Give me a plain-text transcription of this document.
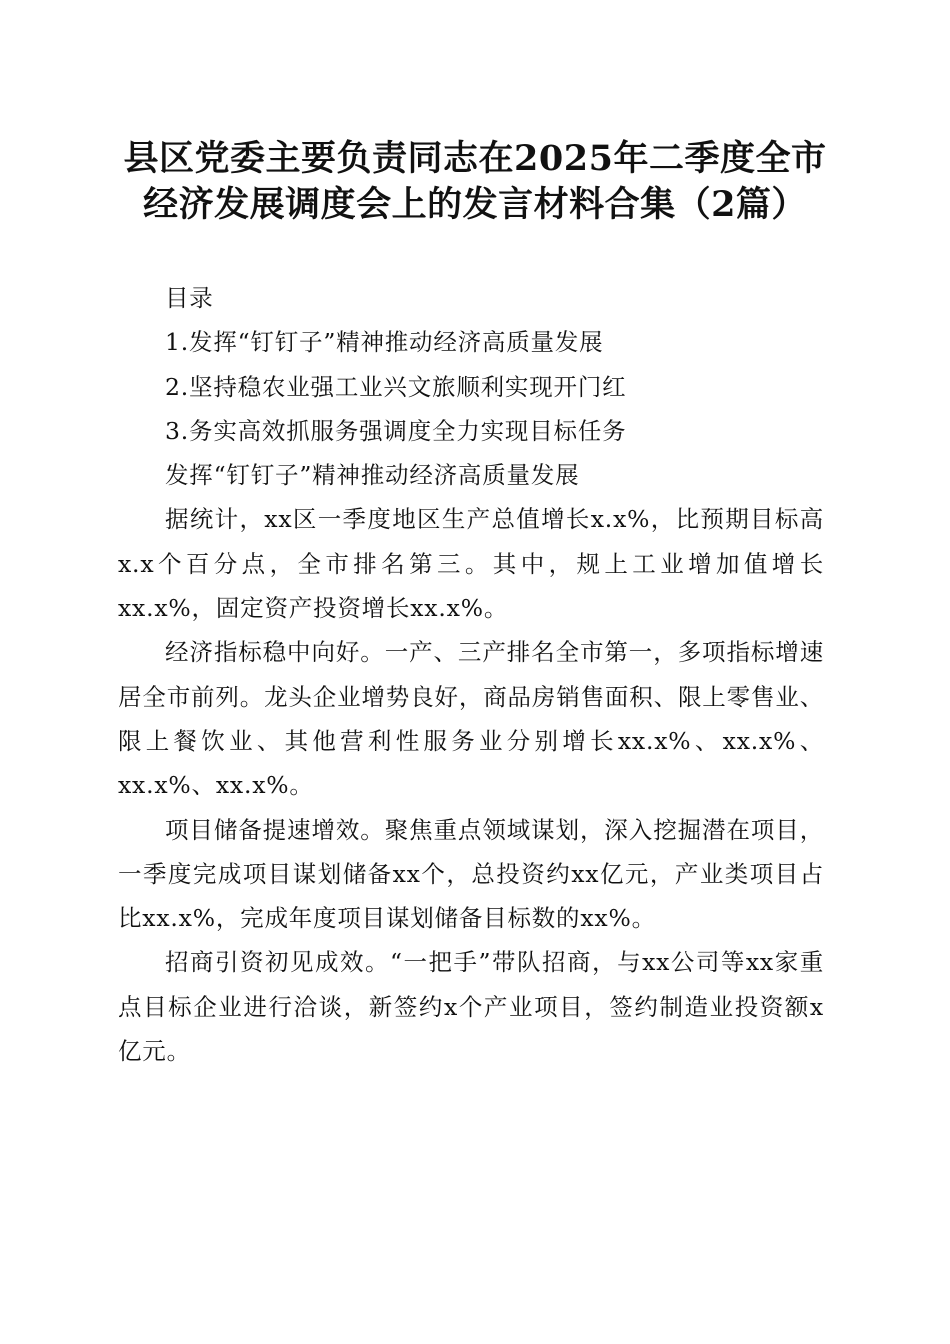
县区党委主要负责同志在2025年二季度全市
经济发展调度会上的发言材料合集（2篇）

目录

1.发挥“钉钉子”精神推动经济高质量发展

2.坚持稳农业强工业兴文旅顺利实现开门红

3.务实高效抓服务强调度全力实现目标任务

发挥“钉钉子”精神推动经济高质量发展

据统计，xx区一季度地区生产总值增长x.x%，比预期目标高x.x个百分点，全市排名第三。其中，规上工业增加值增长xx.x%，固定资产投资增长xx.x%。

经济指标稳中向好。一产、三产排名全市第一，多项指标增速居全市前列。龙头企业增势良好，商品房销售面积、限上零售业、限上餐饮业、其他营利性服务业分别增长xx.x%、xx.x%、xx.x%、xx.x%。

项目储备提速增效。聚焦重点领域谋划，深入挖掘潜在项目，一季度完成项目谋划储备xx个，总投资约xx亿元，产业类项目占比xx.x%，完成年度项目谋划储备目标数的xx%。

招商引资初见成效。“一把手”带队招商，与xx公司等xx家重点目标企业进行洽谈，新签约x个产业项目，签约制造业投资额x亿元。
